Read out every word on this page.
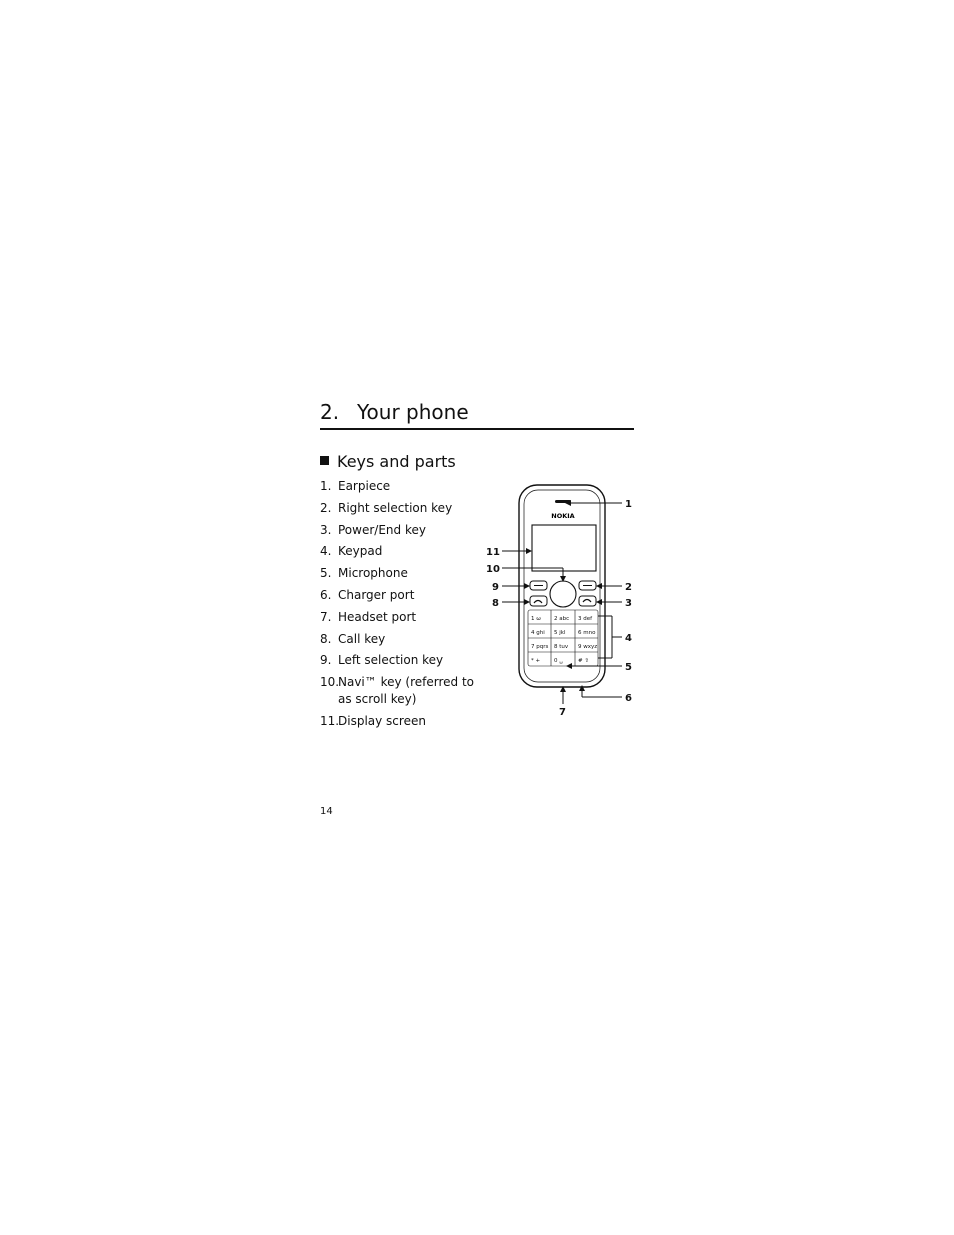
2. Your phone
Keys and parts
1. Earpiece
2. Right selection key
3. Power/End key
4. Keypad
5. Microphone
6. Charger port
7. Headset port
8. Call key
9. Left selection key
10.
Navi™ key (referred to as scroll key)
11.
Display screen
NOKIA
1 ω 2 abc 3 def
4 ghi 5 jkl 6 mno
7 pqrs 8 tuv 9 wxyz
* +	0 ␣	# ⇧
1
2
3
4
5
6
7
8
9
10
11
14
